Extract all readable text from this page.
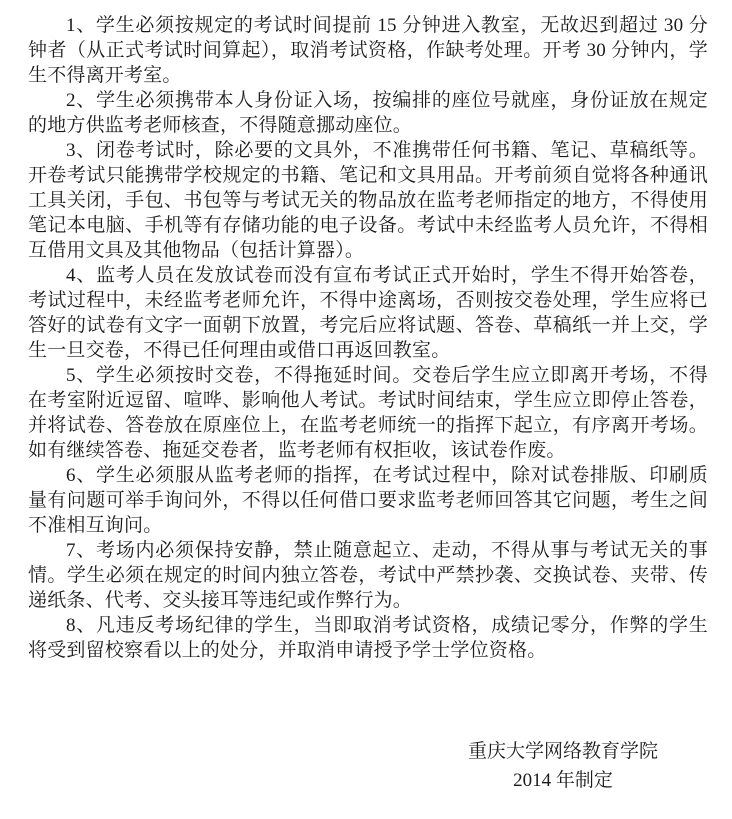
1、学生必须按规定的考试时间提前 15 分钟进入教室，无故迟到超过 30 分钟者（从正式考试时间算起），取消考试资格，作缺考处理。开考 30 分钟内，学生不得离开考室。

2、学生必须携带本人身份证入场，按编排的座位号就座，身份证放在规定的地方供监考老师核查，不得随意挪动座位。

3、闭卷考试时，除必要的文具外，不准携带任何书籍、笔记、草稿纸等。开卷考试只能携带学校规定的书籍、笔记和文具用品。开考前须自觉将各种通讯工具关闭，手包、书包等与考试无关的物品放在监考老师指定的地方，不得使用笔记本电脑、手机等有存储功能的电子设备。考试中未经监考人员允许，不得相互借用文具及其他物品（包括计算器）。

4、监考人员在发放试卷而没有宣布考试正式开始时，学生不得开始答卷，考试过程中，未经监考老师允许，不得中途离场，否则按交卷处理，学生应将已答好的试卷有文字一面朝下放置，考完后应将试题、答卷、草稿纸一并上交，学生一旦交卷，不得已任何理由或借口再返回教室。

5、学生必须按时交卷，不得拖延时间。交卷后学生应立即离开考场，不得在考室附近逗留、喧哗、影响他人考试。考试时间结束，学生应立即停止答卷，并将试卷、答卷放在原座位上，在监考老师统一的指挥下起立，有序离开考场。如有继续答卷、拖延交卷者，监考老师有权拒收，该试卷作废。

6、学生必须服从监考老师的指挥，在考试过程中，除对试卷排版、印刷质量有问题可举手询问外，不得以任何借口要求监考老师回答其它问题，考生之间不准相互询问。

7、考场内必须保持安静，禁止随意起立、走动，不得从事与考试无关的事情。学生必须在规定的时间内独立答卷，考试中严禁抄袭、交换试卷、夹带、传递纸条、代考、交头接耳等违纪或作弊行为。

8、凡违反考场纪律的学生，当即取消考试资格，成绩记零分，作弊的学生将受到留校察看以上的处分，并取消申请授予学士学位资格。

重庆大学网络教育学院
2014 年制定
